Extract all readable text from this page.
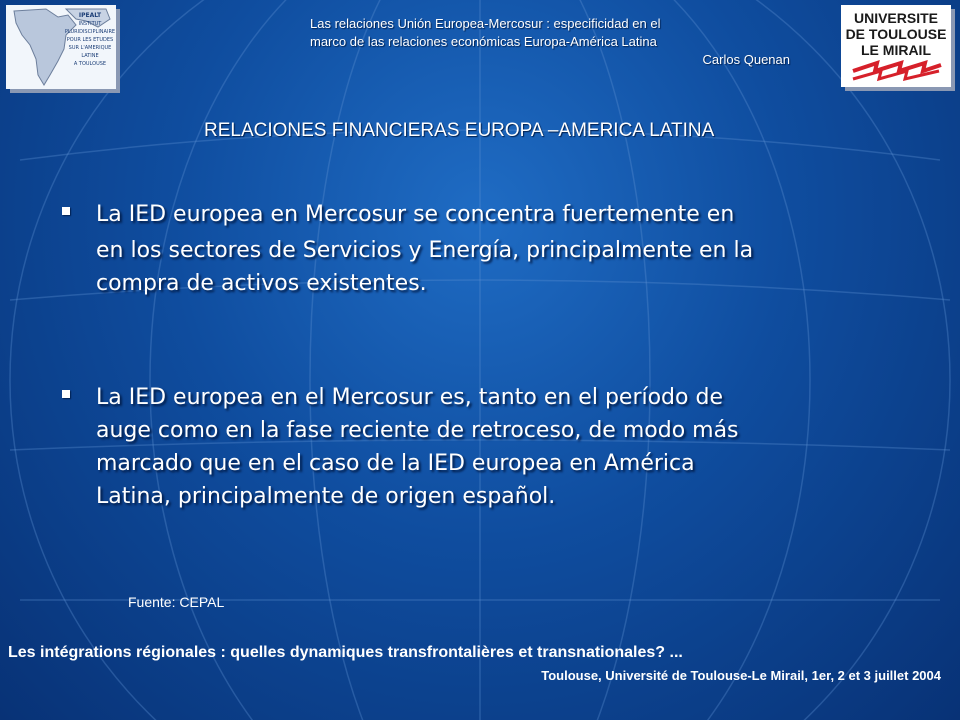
IPEALT
INSTITUT
PLURIDISCIPLINAIRE
POUR LES ETUDES
SUR L'AMERIQUE
LATINE
A TOULOUSE
UNIVERSITE
DE TOULOUSE
LE MIRAIL
Las relaciones Unión Europea-Mercosur : especificidad en el
marco de las relaciones económicas Europa-América Latina
Carlos Quenan
RELACIONES FINANCIERAS EUROPA –AMERICA LATINA
La IED europea en Mercosur se concentra fuertemente en
en los sectores de Servicios y Energía, principalmente en la
compra de activos existentes.
La IED europea en el Mercosur es, tanto en el período de
auge como en la fase reciente de retroceso, de modo más
marcado que en el caso de la IED europea en América
Latina, principalmente de origen español.
Fuente: CEPAL
Les intégrations régionales : quelles dynamiques transfrontalières et transnationales? ...
Toulouse, Université de Toulouse-Le Mirail, 1er, 2 et 3 juillet 2004
